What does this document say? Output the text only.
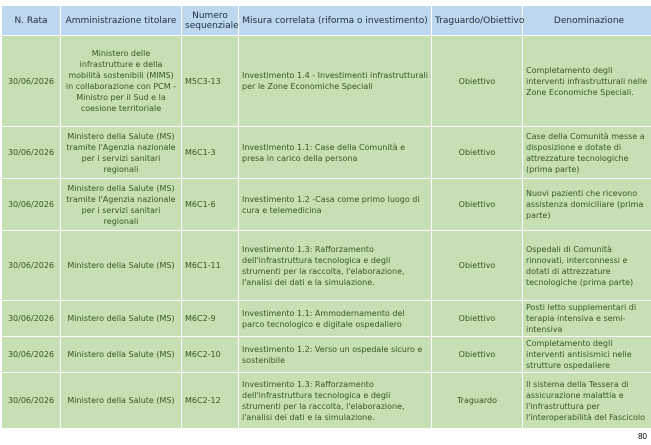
N. Rata	Amministrazione titolare	Numero sequenziale	Misura correlata (riforma o investimento)	Traguardo/Obiettivo	Denominazione
30/06/2026	Ministero delle infrastrutture e della mobilità sostenibili (MIMS) in collaborazione con PCM - Ministro per il Sud e la coesione territoriale	M5C3-13	Investimento 1.4 - Investimenti infrastrutturali per le Zone Economiche Speciali	Obiettivo	Completamento degli interventi infrastrutturali nelle Zone Economiche Speciali.
30/06/2026	Ministero della Salute (MS) tramite l'Agenzia nazionale per i servizi sanitari regionali	M6C1-3	Investimento 1.1: Case della Comunità e presa in carico della persona	Obiettivo	Case della Comunità messe a disposizione e dotate di attrezzature tecnologiche (prima parte)
30/06/2026	Ministero della Salute (MS) tramite l'Agenzia nazionale per i servizi sanitari regionali	M6C1-6	Investimento 1.2 -Casa come primo luogo di cura e telemedicina	Obiettivo	Nuovi pazienti che ricevono assistenza domiciliare (prima parte)
30/06/2026	Ministero della Salute (MS)	M6C1-11	Investimento 1.3: Rafforzamento dell'infrastruttura tecnologica e degli strumenti per la raccolta, l'elaborazione, l'analisi dei dati e la simulazione.	Obiettivo	Ospedali di Comunità rinnovati, interconnessi e dotati di attrezzature tecnologiche (prima parte)
30/06/2026	Ministero della Salute (MS)	M6C2-9	Investimento 1.1: Ammodernamento del parco tecnologico e digitale ospedaliero	Obiettivo	Posti letto supplementari di terapia intensiva e semi-intensiva
30/06/2026	Ministero della Salute (MS)	M6C2-10	Investimento 1.2: Verso un ospedale sicuro e sostenibile	Obiettivo	Completamento degli interventi antisismici nelle strutture ospedaliere
30/06/2026	Ministero della Salute (MS)	M6C2-12	Investimento 1.3: Rafforzamento dell'infrastruttura tecnologica e degli strumenti per la raccolta, l'elaborazione, l'analisi dei dati e la simulazione.	Traguardo	Il sistema della Tessera di assicurazione malattia e l'infrastruttura per l'interoperabilità del Fascicolo
80
